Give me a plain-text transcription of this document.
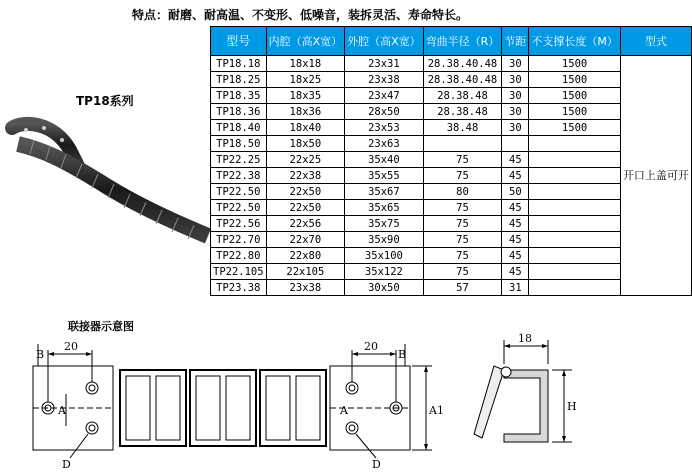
特点：耐磨、耐高温、不变形、低噪音，装拆灵活、寿命特长。
TP18系列
型号	内腔（高X宽）	外腔（高X宽）	弯曲半径（R）	节距	不支撑长度（M）	型式
TP18.18	18x18	23x31	28.38.40.48	30	1500	开口上盖可开
TP18.25	18x25	23x38	28.38.40.48	30	1500	
TP18.35	18x35	23x47	28.38.48	30	1500	
TP18.36	18x36	28x50	28.38.48	30	1500	
TP18.40	18x40	23x53	38.48	30	1500	
TP18.50	18x50	23x63				
TP22.25	22x25	35x40	75	45		
TP22.38	22x38	35x55	75	45		
TP22.50	22x50	35x67	80	50		
TP22.50	22x50	35x65	75	45		
TP22.56	22x56	35x75	75	45		
TP22.70	22x70	35x90	75	45		
TP22.80	22x80	35x100	75	45		
TP22.105	22x105	35x122	75	45		
TP23.38	23x38	30x50	57	31		
联接器示意图
B
20
A
D
20
B
A	A1
D
18
H
